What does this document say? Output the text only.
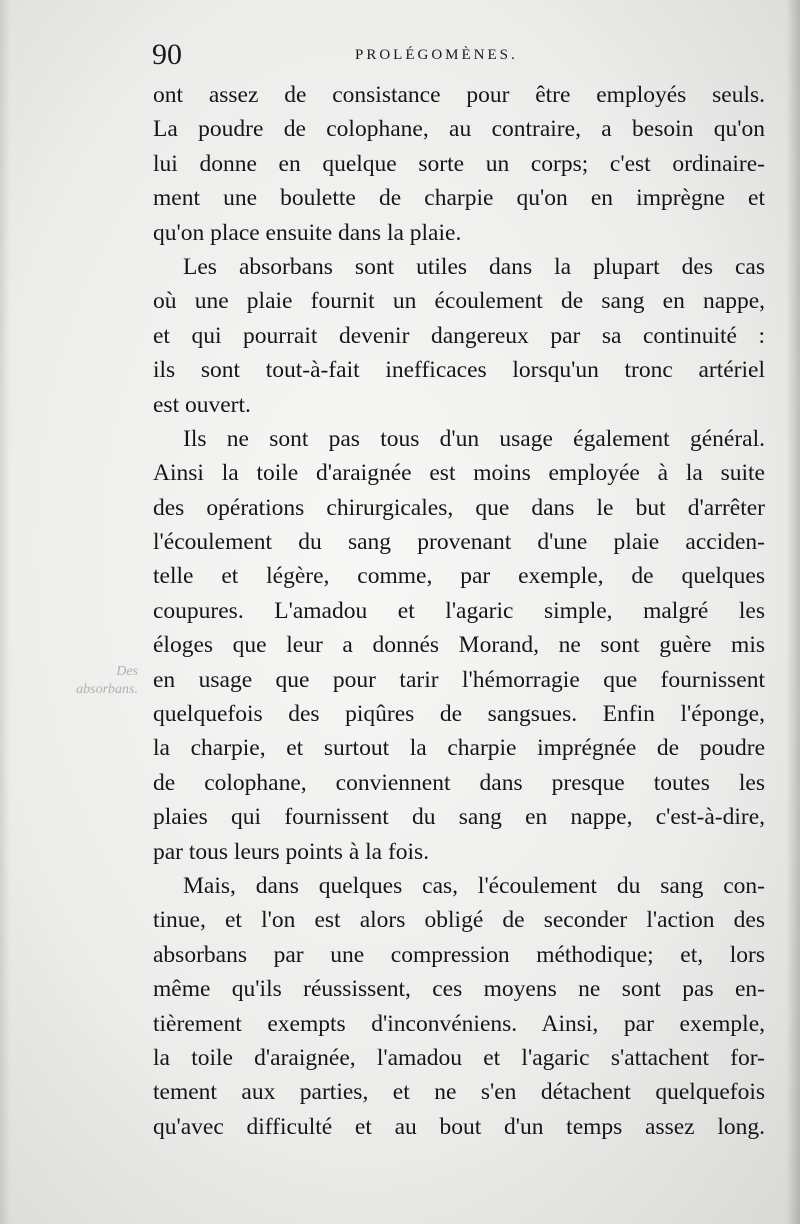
90	PROLÉGOMÈNES.
Des
absorbans.
ont assez de consistance pour être employés seuls.
La poudre de colophane, au contraire, a besoin qu'on
lui donne en quelque sorte un corps; c'est ordinaire-
ment une boulette de charpie qu'on en imprègne et
qu'on place ensuite dans la plaie.
Les absorbans sont utiles dans la plupart des cas
où une plaie fournit un écoulement de sang en nappe,
et qui pourrait devenir dangereux par sa continuité :
ils sont tout-à-fait inefficaces lorsqu'un tronc artériel
est ouvert.
Ils ne sont pas tous d'un usage également général.
Ainsi la toile d'araignée est moins employée à la suite
des opérations chirurgicales, que dans le but d'arrêter
l'écoulement du sang provenant d'une plaie acciden-
telle et légère, comme, par exemple, de quelques
coupures. L'amadou et l'agaric simple, malgré les
éloges que leur a donnés Morand, ne sont guère mis
en usage que pour tarir l'hémorragie que fournissent
quelquefois des piqûres de sangsues. Enfin l'éponge,
la charpie, et surtout la charpie imprégnée de poudre
de colophane, conviennent dans presque toutes les
plaies qui fournissent du sang en nappe, c'est-à-dire,
par tous leurs points à la fois.
Mais, dans quelques cas, l'écoulement du sang con-
tinue, et l'on est alors obligé de seconder l'action des
absorbans par une compression méthodique; et, lors
même qu'ils réussissent, ces moyens ne sont pas en-
tièrement exempts d'inconvéniens. Ainsi, par exemple,
la toile d'araignée, l'amadou et l'agaric s'attachent for-
tement aux parties, et ne s'en détachent quelquefois
qu'avec difficulté et au bout d'un temps assez long.
